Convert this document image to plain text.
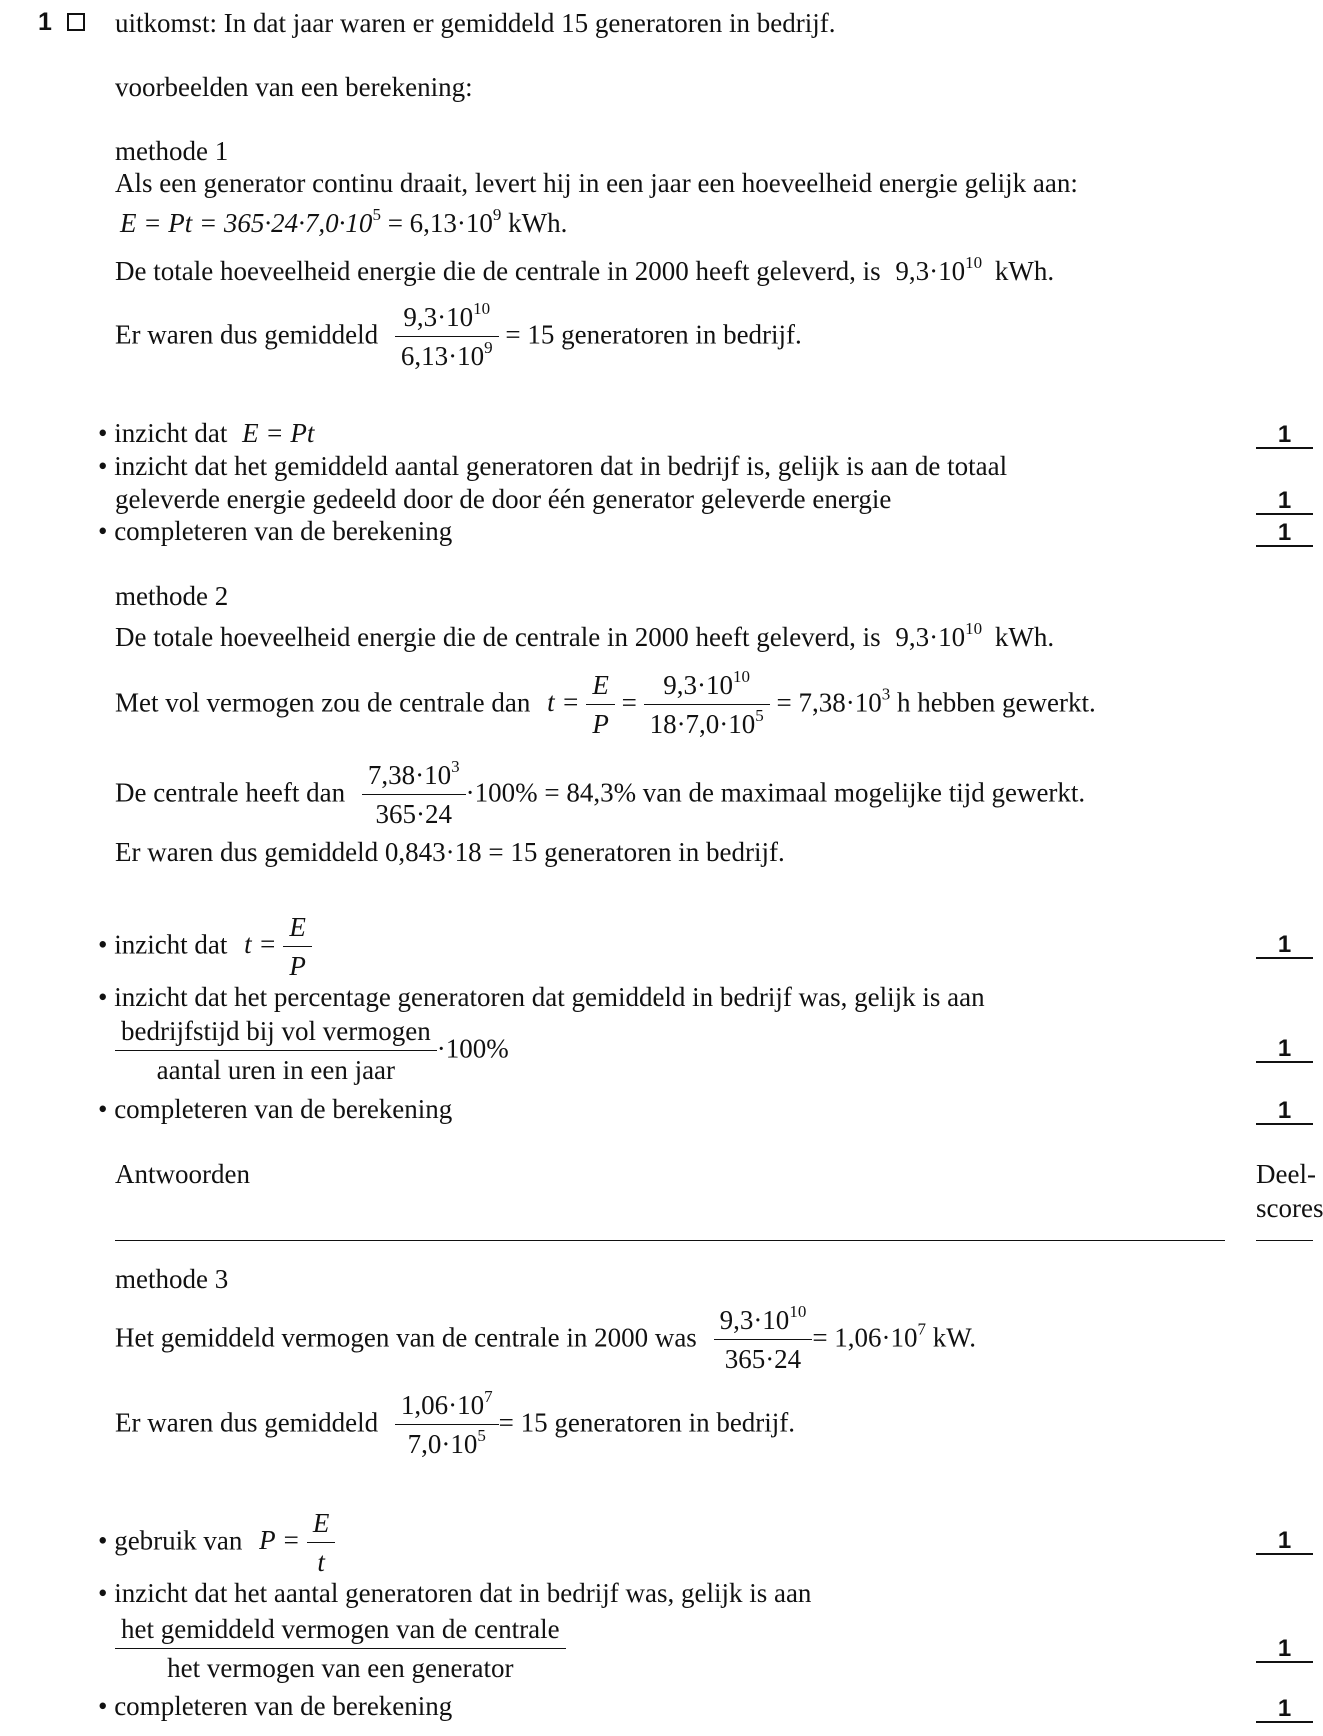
1 uitkomst: In dat jaar waren er gemiddeld 15 generatoren in bedrijf.
voorbeelden van een berekening:
methode 1
Als een generator continu draait, levert hij in een jaar een hoeveelheid energie gelijk aan:
$E = Pt = 365\cdot 24\cdot 7,0\cdot 10^5 = 6,13\cdot 10^9$ kWh.
De totale hoeveelheid energie die de centrale in 2000 heeft geleverd, is $9,3\cdot 10^{10}$ kWh.
Er waren dus gemiddeld $\frac{9,3\cdot 10^{10}}{6,13\cdot 10^9} = 15$ generatoren in bedrijf.
• inzicht dat E = Pt	1
• inzicht dat het gemiddeld aantal generatoren dat in bedrijf is, gelijk is aan de totaal
geleverde energie gedeeld door de door één generator geleverde energie	1
• completeren van de berekening	1
methode 2
De totale hoeveelheid energie die de centrale in 2000 heeft geleverd, is $9,3\cdot 10^{10}$ kWh.
Met vol vermogen zou de centrale dan $t = \frac{E}{P} = \frac{9,3\cdot 10^{10}}{18\cdot 7,0\cdot 10^5} = 7,38\cdot 10^3$ h hebben gewerkt.
De centrale heeft dan $\frac{7,38\cdot 10^3}{365\cdot 24} \cdot 100\% = 84,3\%$ van de maximaal mogelijke tijd gewerkt.
Er waren dus gemiddeld 0,843·18 = 15 generatoren in bedrijf.
• inzicht dat $t = \frac{E}{P}$	1
• inzicht dat het percentage generatoren dat gemiddeld in bedrijf was, gelijk is aan
$\frac{\text{bedrijfstijd bij vol vermogen}}{\text{aantal uren in een jaar}} \cdot 100\%$	1
• completeren van de berekening	1
Antwoorden	Deel-
scores
methode 3
Het gemiddeld vermogen van de centrale in 2000 was $\frac{9,3\cdot 10^{10}}{365\cdot 24} = 1,06\cdot 10^7$ kW.
Er waren dus gemiddeld $\frac{1,06\cdot 10^7}{7,0\cdot 10^5} = 15$ generatoren in bedrijf.
• gebruik van $P = \frac{E}{t}$	1
• inzicht dat het aantal generatoren dat in bedrijf was, gelijk is aan
$\frac{\text{het gemiddeld vermogen van de centrale}}{\text{het vermogen van een generator}}$	1
• completeren van de berekening	1
